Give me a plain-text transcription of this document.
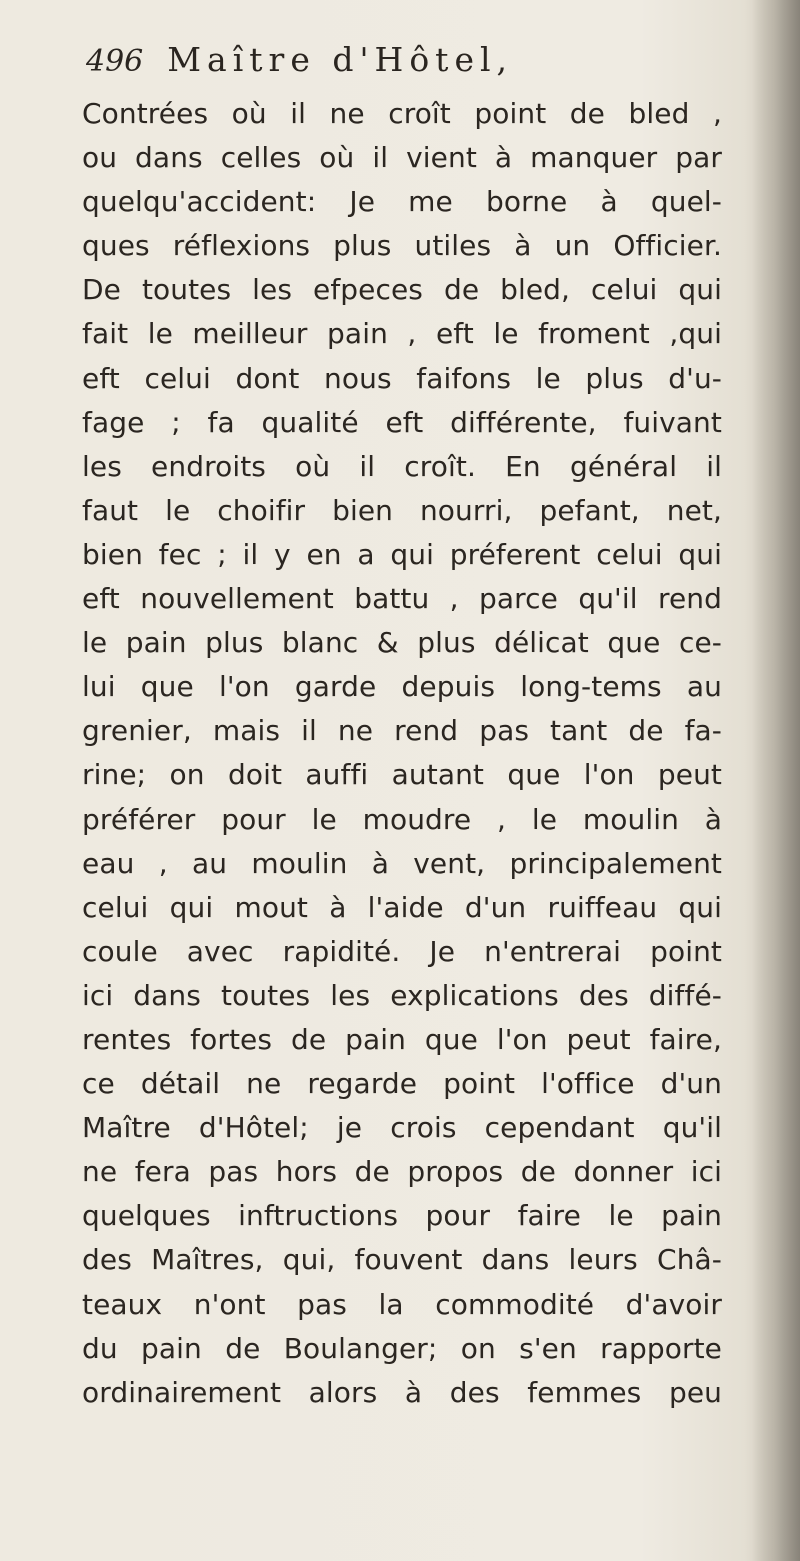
496 Maître d'Hôtel,
Contrées où il ne croît point de bled ,
ou dans celles où il vient à manquer par
quelqu'accident: Je me borne à quel-
ques réflexions plus utiles à un Officier.
De toutes les efpeces de bled, celui qui
fait le meilleur pain , eft le froment ,qui
eft celui dont nous faifons le plus d'u-
fage ; fa qualité eft différente, fuivant
les endroits où il croît. En général il
faut le choifir bien nourri, pefant, net,
bien fec ; il y en a qui préferent celui qui
eft nouvellement battu , parce qu'il rend
le pain plus blanc & plus délicat que ce-
lui que l'on garde depuis long-tems au
grenier, mais il ne rend pas tant de fa-
rine; on doit auffi autant que l'on peut
préférer pour le moudre , le moulin à
eau , au moulin à vent, principalement
celui qui mout à l'aide d'un ruiffeau qui
coule avec rapidité. Je n'entrerai point
ici dans toutes les explications des diffé-
rentes fortes de pain que l'on peut faire,
ce détail ne regarde point l'office d'un
Maître d'Hôtel; je crois cependant qu'il
ne fera pas hors de propos de donner ici
quelques inftructions pour faire le pain
des Maîtres, qui, fouvent dans leurs Châ-
teaux n'ont pas la commodité d'avoir
du pain de Boulanger; on s'en rapporte
ordinairement alors à des femmes peu
